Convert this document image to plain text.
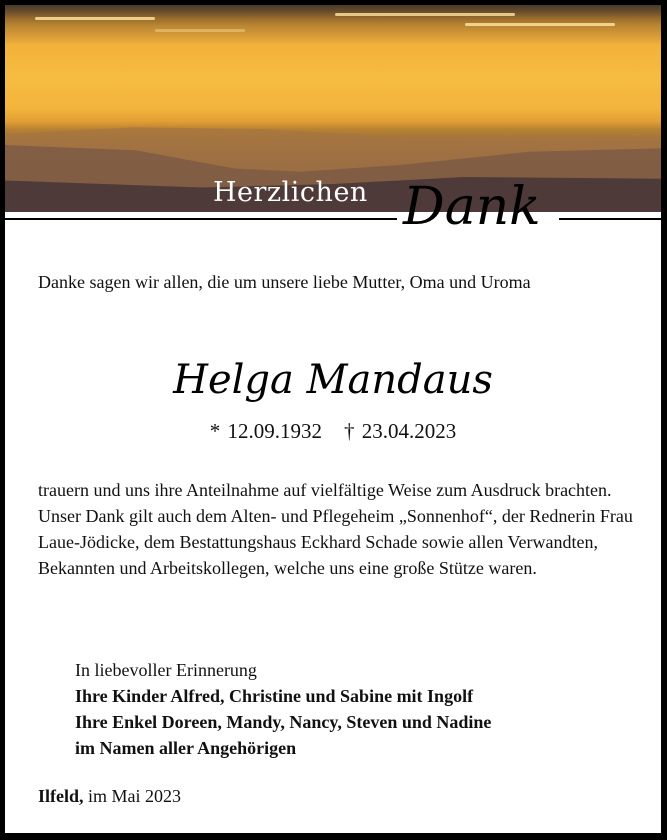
Herzlichen Dank
Danke sagen wir allen, die um unsere liebe Mutter, Oma und Uroma
Helga Mandaus
* 12.09.1932 † 23.04.2023
trauern und uns ihre Anteilnahme auf vielfältige Weise zum Ausdruck brachten.
Unser Dank gilt auch dem Alten- und Pflegeheim „Sonnenhof“, der Rednerin Frau Laue-Jödicke, dem Bestattungshaus Eckhard Schade sowie allen Verwandten, Bekannten und Arbeitskollegen, welche uns eine große Stütze waren.
In liebevoller Erinnerung
Ihre Kinder Alfred, Christine und Sabine mit Ingolf
Ihre Enkel Doreen, Mandy, Nancy, Steven und Nadine
im Namen aller Angehörigen
Ilfeld, im Mai 2023
